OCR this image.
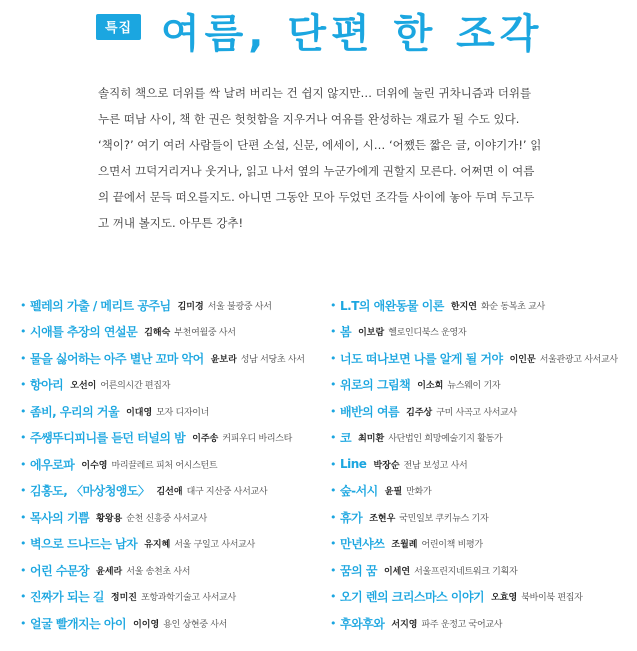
특집 여름, 단편 한 조각

솔직히 책으로 더위를 싹 날려 버리는 건 쉽지 않지만… 더위에 눌린 귀차니즘과 더위를

누른 떠남 사이, 책 한 권은 헛헛함을 지우거나 여유를 완성하는 재료가 될 수도 있다.

‘책이?’ 여기 여러 사람들이 단편 소설, 신문, 에세이, 시… ‘어쨌든 짧은 글, 이야기가!’ 읽

으면서 끄덕거리거나 웃거나, 읽고 나서 옆의 누군가에게 권할지 모른다. 어쩌면 이 여름

의 끝에서 문득 떠오를지도. 아니면 그동안 모아 두었던 조각들 사이에 놓아 두며 두고두

고 꺼내 볼지도. 아무튼 강추!

• 펠레의 가출 / 메리트 공주님 김미경 서울 불광중 사서
• 시애틀 추장의 연설문 김해숙 부천여월중 사서
• 물을 싫어하는 아주 별난 꼬마 악어 윤보라 성남 서당초 사서
• 항아리 오선이 어른의시간 편집자
• 좀비, 우리의 거울 이대영 모자 디자이너
• 주쌩뚜디피니를 듣던 터널의 밤 이주송 커피우디 바리스타
• 에우로파 이수영 마리끌레르 피처 어시스턴트
• 김홍도, 〈마상청앵도〉 김선애 대구 지산중 사서교사
• 목사의 기쁨 황왕용 순천 신흥중 사서교사
• 벽으로 드나드는 남자 유지혜 서울 구일고 사서교사
• 어린 수문장 윤세라 서울 송천초 사서
• 진짜가 되는 길 정미진 포항과학기술고 사서교사
• 얼굴 빨개지는 아이 이이영 용인 상현중 사서
• L.T의 애완동물 이론 한지연 화순 동복초 교사
• 봄 이보람 헬로인디북스 운영자
• 너도 떠나보면 나를 알게 될 거야 이인문 서울관광고 사서교사
• 위로의 그림책 이소희 뉴스웨이 기자
• 배반의 여름 김주상 구미 사곡고 사서교사
• 코 최미환 사단법인 희망예술기지 활동가
• Line 박장순 전남 보성고 사서
• 숲-서시 윤필 만화가
• 휴가 조현우 국민일보 쿠키뉴스 기자
• 만년샤쓰 조월례 어린이책 비평가
• 꿈의 꿈 이세연 서울프린지네트워크 기획자
• 오기 렌의 크리스마스 이야기 오효영 북바이북 편집자
• 후와후와 서지영 파주 운정고 국어교사
